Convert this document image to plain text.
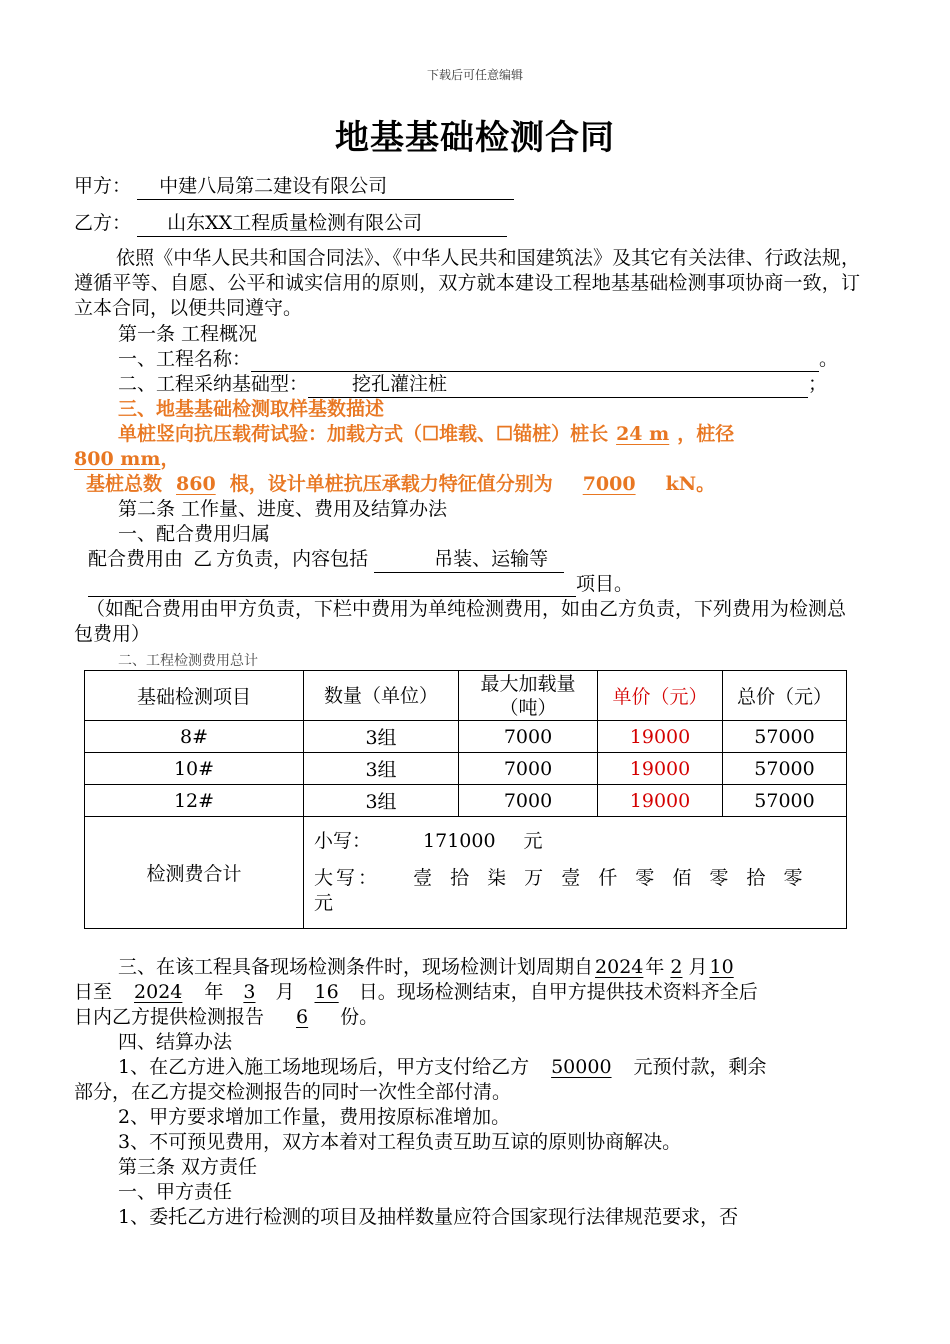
下载后可任意编辑
地基基础检测合同
甲方： 中建八局第二建设有限公司
乙方： 山东XX工程质量检测有限公司
依照《中华人民共和国合同法》、《中华人民共和国建筑法》及其它有关法律、行政法规，遵循平等、自愿、公平和诚实信用的原则，双方就本建设工程地基基础检测事项协商一致，订立本合同，以便共同遵守。
第一条 工程概况
一、工程名称：	。
二、工程采纳基础型： 挖孔灌注桩	；
三、地基基础检测取样基数描述
单桩竖向抗压载荷试验：加载方式（☐堆载、☐锚桩）桩长 24 m ，桩径
800 mm，
基桩总数 860 根，设计单桩抗压承载力特征值分别为 7000 kN。
第二条 工作量、进度、费用及结算办法
一、配合费用归属
配合费用由 乙 方负责，内容包括	吊装、运输等
项目。
（如配合费用由甲方负责，下栏中费用为单纯检测费用，如由乙方负责，下列费用为检测总包费用）
二、工程检测费用总计
基础检测项目	数量（单位）	最大加载量（吨）	单价（元）	总价（元）
8#	3组	7000	19000	57000
10#	3组	7000	19000	57000
12#	3组	7000	19000	57000
检测费合计	小写： 171000 元
大写： 壹 拾 柒 万 壹 仟 零 佰 零 拾 零
元			
三、在该工程具备现场检测条件时，现场检测计划周期自 2024 年 2 月 10
日至 2024 年 3 月 16 日。现场检测结束，自甲方提供技术资料齐全后
日内乙方提供检测报告 6 份。
四、结算办法
1、在乙方进入施工场地现场后，甲方支付给乙方 50000 元预付款，剩余
部分，在乙方提交检测报告的同时一次性全部付清。
2、甲方要求增加工作量，费用按原标准增加。
3、不可预见费用，双方本着对工程负责互助互谅的原则协商解决。
第三条 双方责任
一、甲方责任
1、委托乙方进行检测的项目及抽样数量应符合国家现行法律规范要求，否
